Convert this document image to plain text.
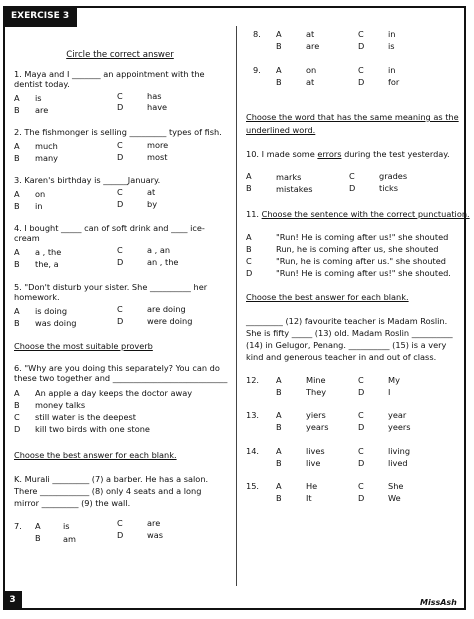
EXERCISE 3
Circle the correct answer
1. Maya and I _______ an appointment with the dentist today.
A is	C	has
B are	D	have
2. The fishmonger is selling _________ types of fish.
A much	C	more
B many	D	most
3. Karen's birthday is ______January.
A on	C	at
B in	D	by
4. I bought _____ can of soft drink and ____ ice-cream
A a , the	C	a , an
B the, a	D	an , the
5. "Don't disturb your sister. She __________ her homework.
A is doing	C	are doing
B was doing	D	were doing
Choose the most suitable proverb
6. "Why are you doing this separately? You can do these two together and ____________________________
A An apple a day keeps the doctor away
B money talks
C still water is the deepest
D kill two birds with one stone
Choose the best answer for each blank.
K. Murali _________ (7) a barber. He has a salon. There ____________ (8) only 4 seats and a long mirror _________ (9) the wall.
7. A	is	C	are
B	am	D	was
8. A	at	C	in
B	are	D	is
9. A	on	C	in
B	at	D	for
Choose the word that has the same meaning as the
underlined word.
10. I made some errors during the test yesterday.
A	marks	C	grades
B	mistakes	D	ticks
11. Choose the sentence with the correct punctuation.
A	"Run! He is coming after us!" she shouted
B	Run, he is coming after us, she shouted
C	"Run, he is coming after us." she shouted
D	"Run! He is coming after us!" she shouted.
Choose the best answer for each blank.
_________ (12) favourite teacher is Madam Roslin. She is fifty _____ (13) old. Madam Roslin __________ (14) in Gelugor, Penang. __________ (15) is a very kind and generous teacher in and out of class.
12. A	Mine	C	My
B	They	D	I
13. A	yiers	C	year
B	years	D	yeers
14. A	lives	C	living
B	live	D	lived
15. A	He	C	She
B	It	D	We
3	MissAsh
